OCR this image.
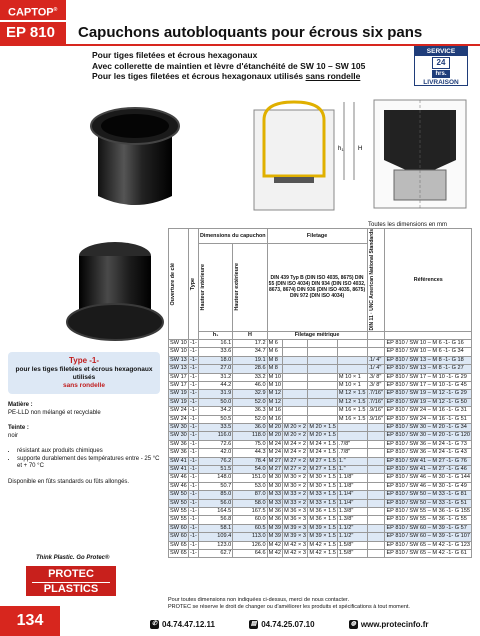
CAPTOP®
EP 810	Capuchons autobloquants pour écrous six pans
Pour tiges filetées et écrous hexagonaux
Avec collerette de maintien et lèvre d'étanchéité de SW 10 – SW 105
Pour les tiges filetées et écrous hexagonaux utilisés sans rondelle
SERVICE
24
hrs.
LIVRAISON
h1 H
Toutes les dimensions en mm
Type -1-
pour les tiges filetées et écrous hexagonaux utilisés
sans rondelle
Matière :
PE-LLD non mélangé et recyclable
Teinte :
noir
• résistant aux produits chimiques
• supporte durablement des températures entre - 25 °C et + 70 °C
Disponible en fûts standards ou fûts allongés.
Think Plastic. Go Protec®
PROTEC
PLASTICS
Ouverture de clé	Type	Dimensions du capuchon		Filetage				DIN 11 · UNC American National Standards	Références

		Hauteur intérieure	Hauteur extérieure	DIN 439 Typ B (DIN ISO 4035, 8675) DIN 55 (DIN ISO 4034) DIN 934 (DIN ISO 4032, 8673, 8674) DIN 936 (DIN ISO 4035, 8675) DIN 972 (DIN ISO 4034)					
		h₁	H	Filetage métrique					
SW 10	-1-	16.1	17.2	M 6					EP 810 / SW 10 – M 6 -1- G 16
SW 10	-1-	33.6	34.7	M 6					EP 810 / SW 10 – M 6 -1- G 34
SW 13	-1-	18.0	19.1	M 8				.1/ 4"	EP 810 / SW 13 – M 8 -1- G 18
SW 13	-1-	27.0	28.6	M 8				.1/ 4"	EP 810 / SW 13 – M 8 -1- G 27
SW 17	-1-	31.2	33.2	M 10			M 10 × 1	.3/ 8"	EP 810 / SW 17 – M 10 -1- G 29
SW 17	-1-	44.2	46.0	M 10			M 10 × 1	.3/ 8"	EP 810 / SW 17 – M 10 -1- G 45
SW 19	-1-	31.9	32.9	M 12			M 12 × 1.5	.7/16"	EP 810 / SW 19 – M 12 -1- G 29
SW 19	-1-	50.0	52.0	M 12			M 12 × 1.5	.7/16"	EP 810 / SW 19 – M 12 -1- G 50
SW 24	-1-	34.2	36.3	M 16			M 16 × 1.5	.9/16"	EP 810 / SW 24 – M 16 -1- G 31
SW 24	-1-	50.5	52.0	M 16			M 16 × 1.5	.9/16"	EP 810 / SW 24 – M 16 -1- G 51
SW 30	-1-	33.5	36.0	M 20	M 20 × 2	M 20 × 1.5			EP 810 / SW 30 – M 20 -1- G 34
SW 30	-1-	116.0	118.0	M 20	M 20 × 2	M 20 × 1.5			EP 810 / SW 30 – M 20 -1- G 120
SW 36	-1-	72.6	75.0	M 24	M 24 × 2	M 24 × 1.5	.7/8"		EP 810 / SW 36 – M 24 -1- G 73
SW 36	-1-	42.0	44.3	M 24	M 24 × 2	M 24 × 1.5	.7/8"		EP 810 / SW 36 – M 24 -1- G 43
SW 41	-1-	76.2	78.4	M 27	M 27 × 2	M 27 × 1.5	1."		EP 810 / SW 41 – M 27 -1- G 76
SW 41	-1-	51.5	54.0	M 27	M 27 × 2	M 27 × 1.5	1."		EP 810 / SW 41 – M 27 -1- G 46
SW 46	-1-	148.0	151.0	M 30	M 30 × 2	M 30 × 1.5	1.1/8"		EP 810 / SW 46 – M 30 -1- G 144
SW 46	-1-	50.7	53.0	M 30	M 30 × 2	M 30 × 1.5	1.1/8"		EP 810 / SW 46 – M 30 -1- G 49
SW 50	-1-	85.0	87.0	M 33	M 33 × 2	M 33 × 1.5	1.1/4"		EP 810 / SW 50 – M 33 -1- G 81
SW 50	-1-	56.0	58.0	M 33	M 33 × 2	M 33 × 1.5	1.1/4"		EP 810 / SW 50 – M 33 -1- G 51
SW 55	-1-	164.5	167.5	M 36	M 36 × 3	M 36 × 1.5	1.3/8"		EP 810 / SW 55 – M 36 -1- G 155
SW 55	-1-	56.8	60.0	M 36	M 36 × 3	M 36 × 1.5	1.3/8"		EP 810 / SW 55 – M 36 -1- G 55
SW 60	-1-	58.1	60.5	M 39	M 39 × 3	M 39 × 1.5	1.1/2"		EP 810 / SW 60 – M 39 -1- G 57
SW 60	-1-	109.4	113.0	M 39	M 39 × 3	M 39 × 1.5	1.1/2"		EP 810 / SW 60 – M 39 -1- G 107
SW 65	-1-	123.0	126.0	M 42	M 42 × 3	M 42 × 1.5	1.5/8"		EP 810 / SW 65 – M 42 -1- G 123
SW 65	-1-	62.7	64.6	M 42	M 42 × 3	M 42 × 1.5	1.5/8"		EP 810 / SW 65 – M 42 -1- G 61
Pour toutes dimensions non indiquées ci-dessus, merci de nous contacter.
PROTEC se réserve le droit de changer ou d'améliorer les produits et spécifications à tout moment.
134	✆ 04.74.47.12.11	▤ 04.74.25.07.10	◍ www.protecinfo.fr
